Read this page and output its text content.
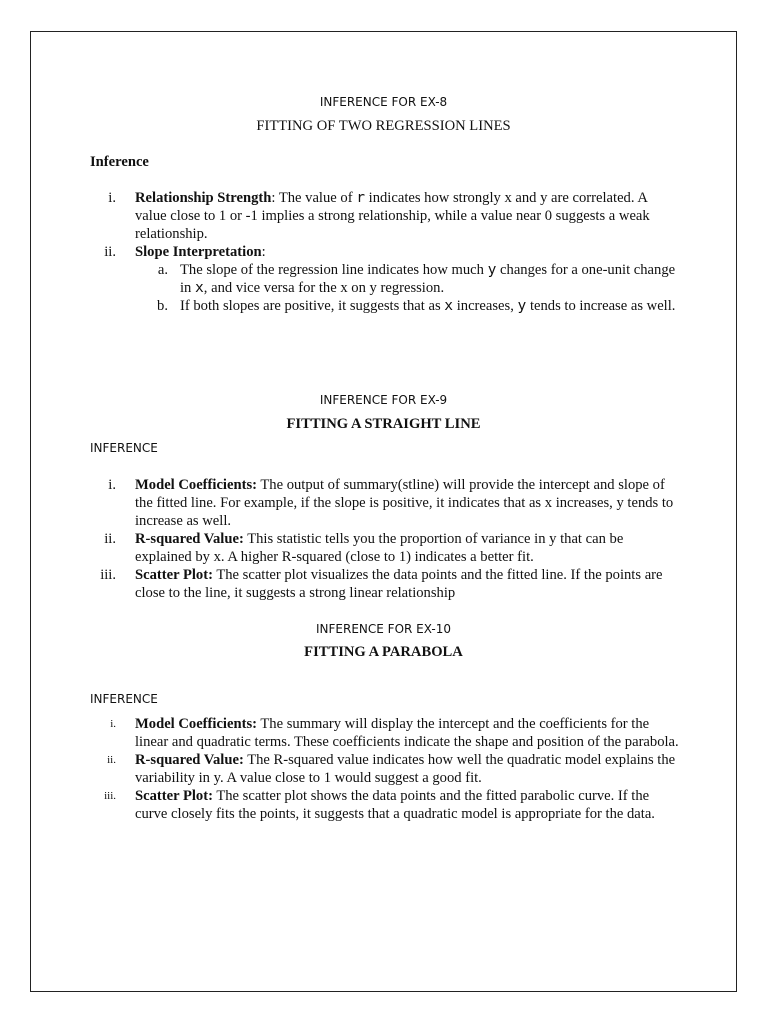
INFERENCE FOR EX-8
FITTING OF TWO REGRESSION LINES
Inference
i. Relationship Strength: The value of r indicates how strongly x and y are correlated. A value close to 1 or -1 implies a strong relationship, while a value near 0 suggests a weak relationship.
ii. Slope Interpretation:
a. The slope of the regression line indicates how much y changes for a one-unit change in x, and vice versa for the x on y regression.
b. If both slopes are positive, it suggests that as x increases, y tends to increase as well.
INFERENCE FOR EX-9
FITTING A STRAIGHT LINE
INFERENCE
i. Model Coefficients: The output of summary(stline) will provide the intercept and slope of the fitted line. For example, if the slope is positive, it indicates that as x increases, y tends to increase as well.
ii. R-squared Value: This statistic tells you the proportion of variance in y that can be explained by x. A higher R-squared (close to 1) indicates a better fit.
iii. Scatter Plot: The scatter plot visualizes the data points and the fitted line. If the points are close to the line, it suggests a strong linear relationship
INFERENCE FOR EX-10
FITTING A PARABOLA
INFERENCE
i. Model Coefficients: The summary will display the intercept and the coefficients for the linear and quadratic terms. These coefficients indicate the shape and position of the parabola.
ii. R-squared Value: The R-squared value indicates how well the quadratic model explains the variability in y. A value close to 1 would suggest a good fit.
iii. Scatter Plot: The scatter plot shows the data points and the fitted parabolic curve. If the curve closely fits the points, it suggests that a quadratic model is appropriate for the data.
